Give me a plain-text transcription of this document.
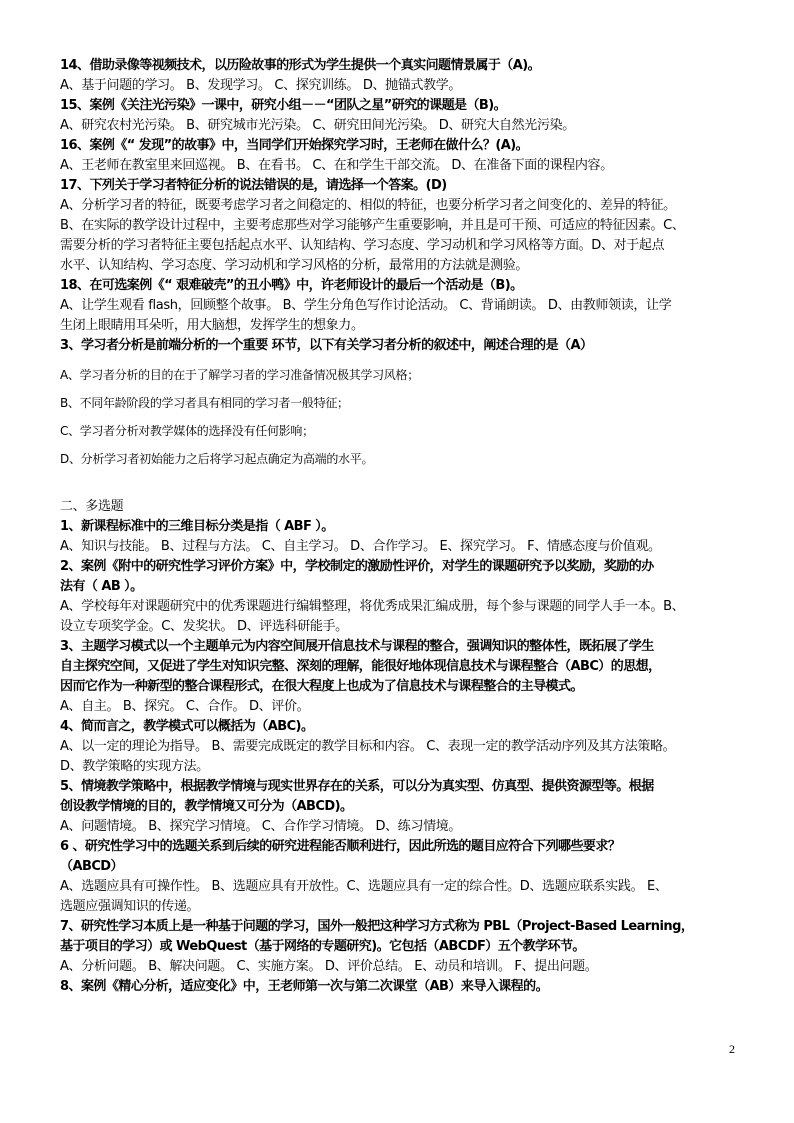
14、借助录像等视频技术，以历险故事的形式为学生提供一个真实问题情景属于（A)。
A、基于问题的学习。 B、发现学习。 C、探究训练。 D、抛锚式教学。
15、案例《关注光污染》一课中，研究小组－－“团队之星”研究的课题是（B)。
A、研究农村光污染。 B、研究城市光污染。 C、研究田间光污染。 D、研究大自然光污染。
16、案例《“ 发现”的故事》中，当同学们开始探究学习时，王老师在做什么？(A)。
A、王老师在教室里来回巡视。 B、在看书。 C、在和学生干部交流。 D、在准备下面的课程内容。
17、下列关于学习者特征分析的说法错误的是，请选择一个答案。(D)
A、分析学习者的特征，既要考虑学习者之间稳定的、相似的特征，也要分析学习者之间变化的、差异的特征。
B、在实际的教学设计过程中，主要考虑那些对学习能够产生重要影响，并且是可干预、可适应的特征因素。C、
需要分析的学习者特征主要包括起点水平、认知结构、学习态度、学习动机和学习风格等方面。D、对于起点
水平、认知结构、学习态度、学习动机和学习风格的分析，最常用的方法就是测验。
18、在可选案例《“ 艰难破壳”的丑小鸭》中，许老师设计的最后一个活动是（B)。
A、让学生观看 flash，回顾整个故事。 B、学生分角色写作讨论活动。 C、背诵朗读。 D、由教师领读，让学
生闭上眼睛用耳朵听，用大脑想，发挥学生的想象力。
3、学习者分析是前端分析的一个重要 环节，以下有关学习者分析的叙述中，阐述合理的是（A）
A、学习者分析的目的在于了解学习者的学习准备情况极其学习风格；
B、不同年龄阶段的学习者具有相同的学习者一般特征；
C、学习者分析对教学媒体的选择没有任何影响；
D、分析学习者初始能力之后将学习起点确定为高端的水平。
二、多选题
1、新课程标准中的三维目标分类是指（ ABF ）。
A、知识与技能。 B、过程与方法。 C、自主学习。 D、合作学习。 E、探究学习。 F、情感态度与价值观。
2、案例《附中的研究性学习评价方案》中，学校制定的激励性评价，对学生的课题研究予以奖励，奖励的办
法有（ AB ）。
A、学校每年对课题研究中的优秀课题进行编辑整理，将优秀成果汇编成册，每个参与课题的同学人手一本。B、
设立专项奖学金。C、发奖状。 D、评选科研能手。
3、主题学习模式以一个主题单元为内容空间展开信息技术与课程的整合，强调知识的整体性，既拓展了学生
自主探究空间，又促进了学生对知识完整、深刻的理解，能很好地体现信息技术与课程整合（ABC）的思想，
因而它作为一种新型的整合课程形式，在很大程度上也成为了信息技术与课程整合的主导模式。
A、自主。 B、探究。 C、合作。 D、评价。
4、简而言之，教学模式可以概括为（ABC)。
A、以一定的理论为指导。 B、需要完成既定的教学目标和内容。 C、表现一定的教学活动序列及其方法策略。
D、教学策略的实现方法。
5、情境教学策略中，根据教学情境与现实世界存在的关系，可以分为真实型、仿真型、提供资源型等。根据
创设教学情境的目的，教学情境又可分为（ABCD)。
A、问题情境。 B、探究学习情境。 C、合作学习情境。 D、练习情境。
6 、研究性学习中的选题关系到后续的研究进程能否顺利进行，因此所选的题目应符合下列哪些要求？
（ABCD）
A、选题应具有可操作性。 B、选题应具有开放性。C、选题应具有一定的综合性。D、选题应联系实践。 E、
选题应强调知识的传递。
7、研究性学习本质上是一种基于问题的学习，国外一般把这种学习方式称为 PBL（Project-Based Learning，
基于项目的学习）或 WebQuest（基于网络的专题研究)。它包括（ABCDF）五个教学环节。
A、分析问题。 B、解决问题。 C、实施方案。 D、评价总结。 E、动员和培训。 F、提出问题。
8、案例《精心分析，适应变化》中，王老师第一次与第二次课堂（AB）来导入课程的。
2
